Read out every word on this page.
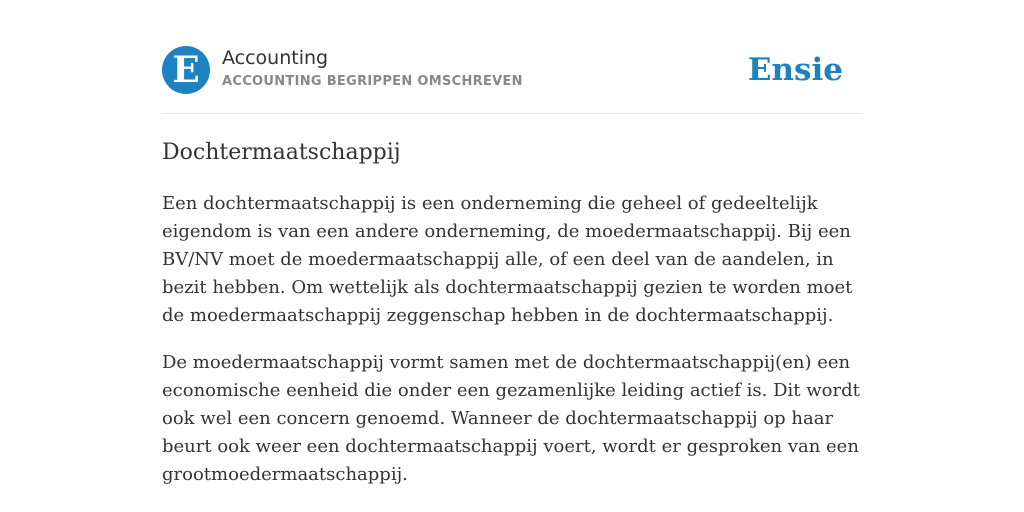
E	Accounting
ACCOUNTING BEGRIPPEN OMSCHREVEN	Ensie
Dochtermaatschappij

Een dochtermaatschappij is een onderneming die geheel of gedeeltelijk eigendom is van een andere onderneming, de moedermaatschappij. Bij een BV/NV moet de moedermaatschappij alle, of een deel van de aandelen, in bezit hebben. Om wettelijk als dochtermaatschappij gezien te worden moet de moedermaatschappij zeggenschap hebben in de dochtermaatschappij.

De moedermaatschappij vormt samen met de dochtermaatschappij(en) een economische eenheid die onder een gezamenlijke leiding actief is. Dit wordt ook wel een concern genoemd. Wanneer de dochtermaatschappij op haar beurt ook weer een dochtermaatschappij voert, wordt er gesproken van een grootmoedermaatschappij.
